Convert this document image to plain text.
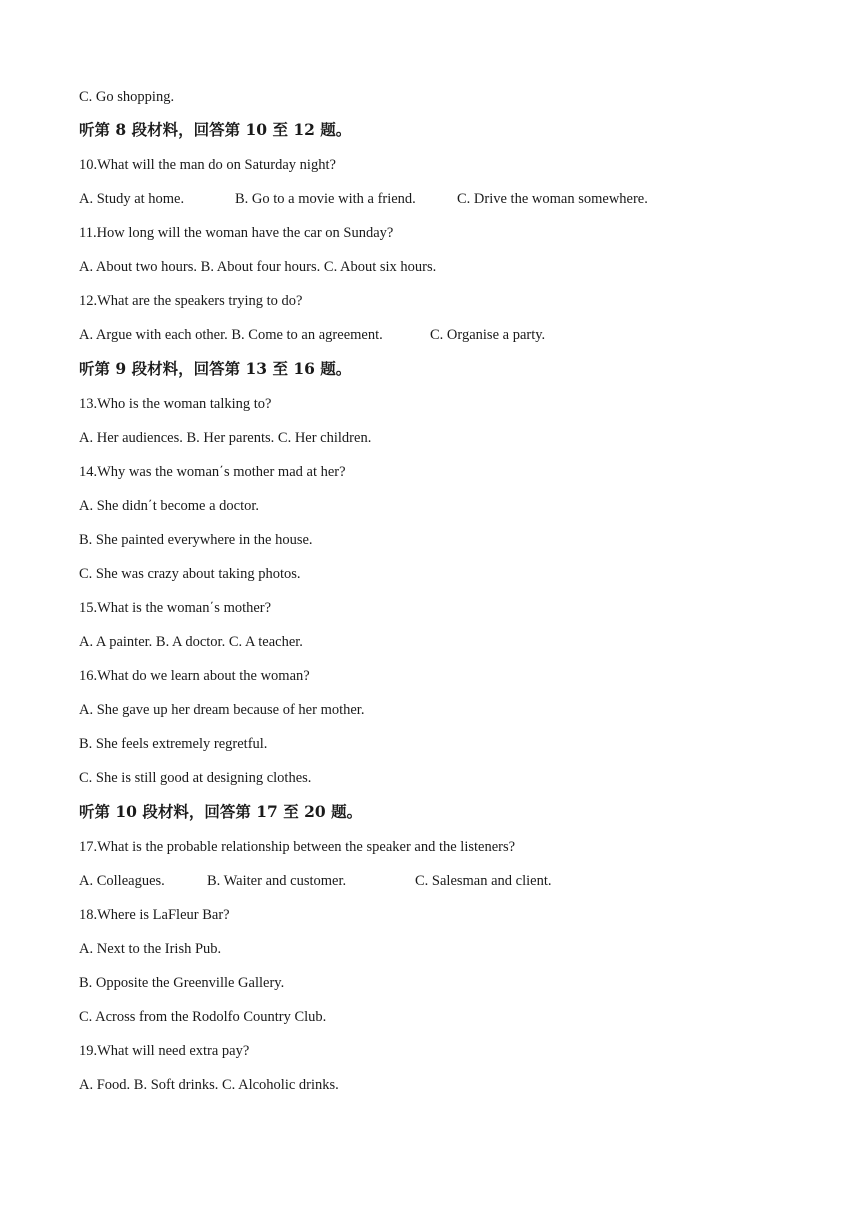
C. Go shopping.
听第 8 段材料，回答第 10 至 12 题。
10.What will the man do on Saturday night?

A. Study at home.

	B. Go to a movie with a friend.

	C. Drive the woman somewhere.

11.How long will the woman have the car on Sunday?
A. About two hours. B. About four hours. C. About six hours.
12.What are the speakers trying to do?

A. Argue with each other. B. Come to an agreement.

	C. Organise a party.

听第 9 段材料，回答第 13 至 16 题。
13.Who is the woman talking to?
A. Her audiences. B. Her parents. C. Her children.
14.Why was the woman΄s mother mad at her?
A. She didn΄t become a doctor.
B. She painted everywhere in the house.
C. She was crazy about taking photos.
15.What is the woman΄s mother?
A. A painter. B. A doctor. C. A teacher.
16.What do we learn about the woman?
A. She gave up her dream because of her mother.
B. She feels extremely regretful.
C. She is still good at designing clothes.
听第 10 段材料，回答第 17 至 20 题。
17.What is the probable relationship between the speaker and the listeners?

A. Colleagues.

	B. Waiter and customer.

	C. Salesman and client.

18.Where is LaFleur Bar?
A. Next to the Irish Pub.
B. Opposite the Greenville Gallery.
C. Across from the Rodolfo Country Club.
19.What will need extra pay?
A. Food. B. Soft drinks. C. Alcoholic drinks.
